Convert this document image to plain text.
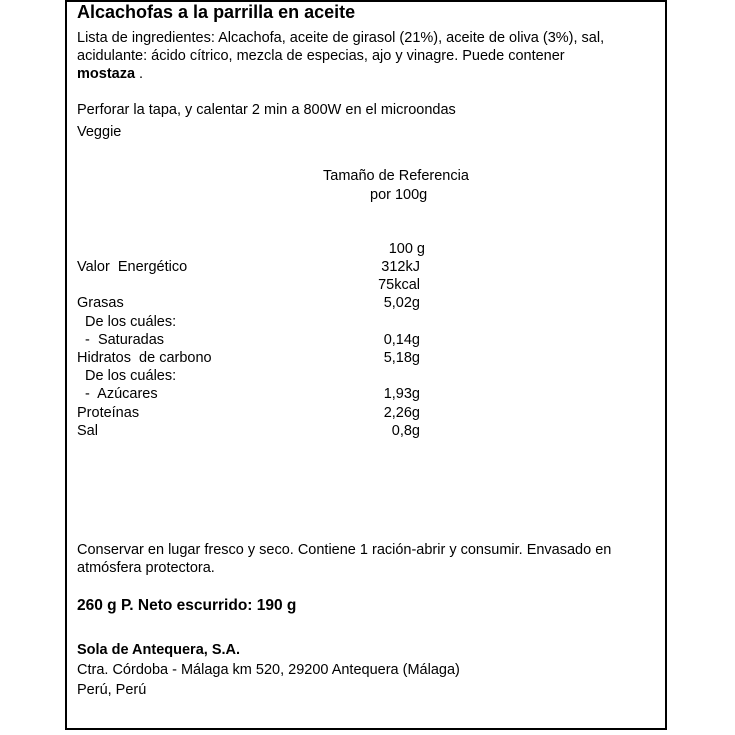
Alcachofas a la parrilla en aceite
Lista de ingredientes: Alcachofa, aceite de girasol (21%), aceite de oliva (3%), sal, acidulante: ácido cítrico, mezcla de especias, ajo y vinagre. Puede contener
mostaza .
Perforar la tapa, y calentar 2 min a 800W en el microondas
Veggie
Tamaño de Referencia
por 100g
100 g
Valor  Energético	312kJ
75kcal
Grasas	5,02g
De los cuáles:
-  Saturadas	0,14g
Hidratos  de carbono	5,18g
De los cuáles:
-  Azúcares	1,93g
Proteínas	2,26g
Sal	0,8g
Conservar en lugar fresco y seco. Contiene 1 ración-abrir y consumir. Envasado en atmósfera protectora.
260 g P. Neto escurrido: 190 g
Sola de Antequera, S.A.
Ctra. Córdoba - Málaga km 520, 29200 Antequera (Málaga)
Perú, Perú
